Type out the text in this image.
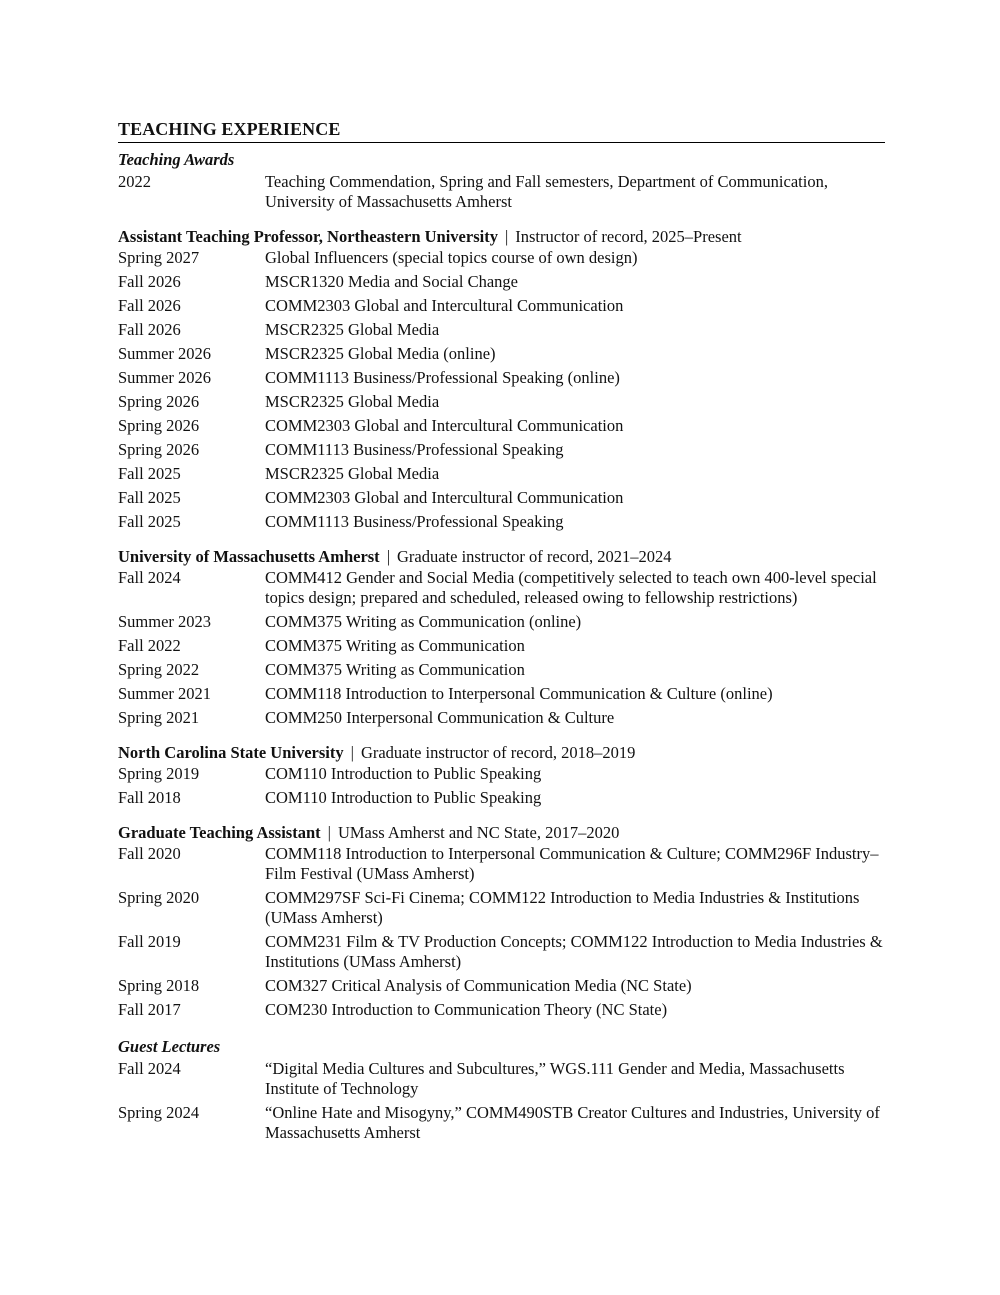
TEACHING EXPERIENCE
Teaching Awards
2022	Teaching Commendation, Spring and Fall semesters, Department of Communication, University of Massachusetts Amherst
Assistant Teaching Professor, Northeastern University | Instructor of record, 2025–Present
Spring 2027	Global Influencers (special topics course of own design)
Fall 2026	MSCR1320 Media and Social Change
Fall 2026	COMM2303 Global and Intercultural Communication
Fall 2026	MSCR2325 Global Media
Summer 2026	MSCR2325 Global Media (online)
Summer 2026	COMM1113 Business/Professional Speaking (online)
Spring 2026	MSCR2325 Global Media
Spring 2026	COMM2303 Global and Intercultural Communication
Spring 2026	COMM1113 Business/Professional Speaking
Fall 2025	MSCR2325 Global Media
Fall 2025	COMM2303 Global and Intercultural Communication
Fall 2025	COMM1113 Business/Professional Speaking
University of Massachusetts Amherst | Graduate instructor of record, 2021–2024
Fall 2024	COMM412 Gender and Social Media (competitively selected to teach own 400-level special topics design; prepared and scheduled, released owing to fellowship restrictions)
Summer 2023	COMM375 Writing as Communication (online)
Fall 2022	COMM375 Writing as Communication
Spring 2022	COMM375 Writing as Communication
Summer 2021	COMM118 Introduction to Interpersonal Communication & Culture (online)
Spring 2021	COMM250 Interpersonal Communication & Culture
North Carolina State University | Graduate instructor of record, 2018–2019
Spring 2019	COM110 Introduction to Public Speaking
Fall 2018	COM110 Introduction to Public Speaking
Graduate Teaching Assistant | UMass Amherst and NC State, 2017–2020
Fall 2020	COMM118 Introduction to Interpersonal Communication & Culture; COMM296F Industry–Film Festival (UMass Amherst)
Spring 2020	COMM297SF Sci-Fi Cinema; COMM122 Introduction to Media Industries & Institutions (UMass Amherst)
Fall 2019	COMM231 Film & TV Production Concepts; COMM122 Introduction to Media Industries & Institutions (UMass Amherst)
Spring 2018	COM327 Critical Analysis of Communication Media (NC State)
Fall 2017	COM230 Introduction to Communication Theory (NC State)
Guest Lectures
Fall 2024	“Digital Media Cultures and Subcultures,” WGS.111 Gender and Media, Massachusetts Institute of Technology
Spring 2024	“Online Hate and Misogyny,” COMM490STB Creator Cultures and Industries, University of Massachusetts Amherst
